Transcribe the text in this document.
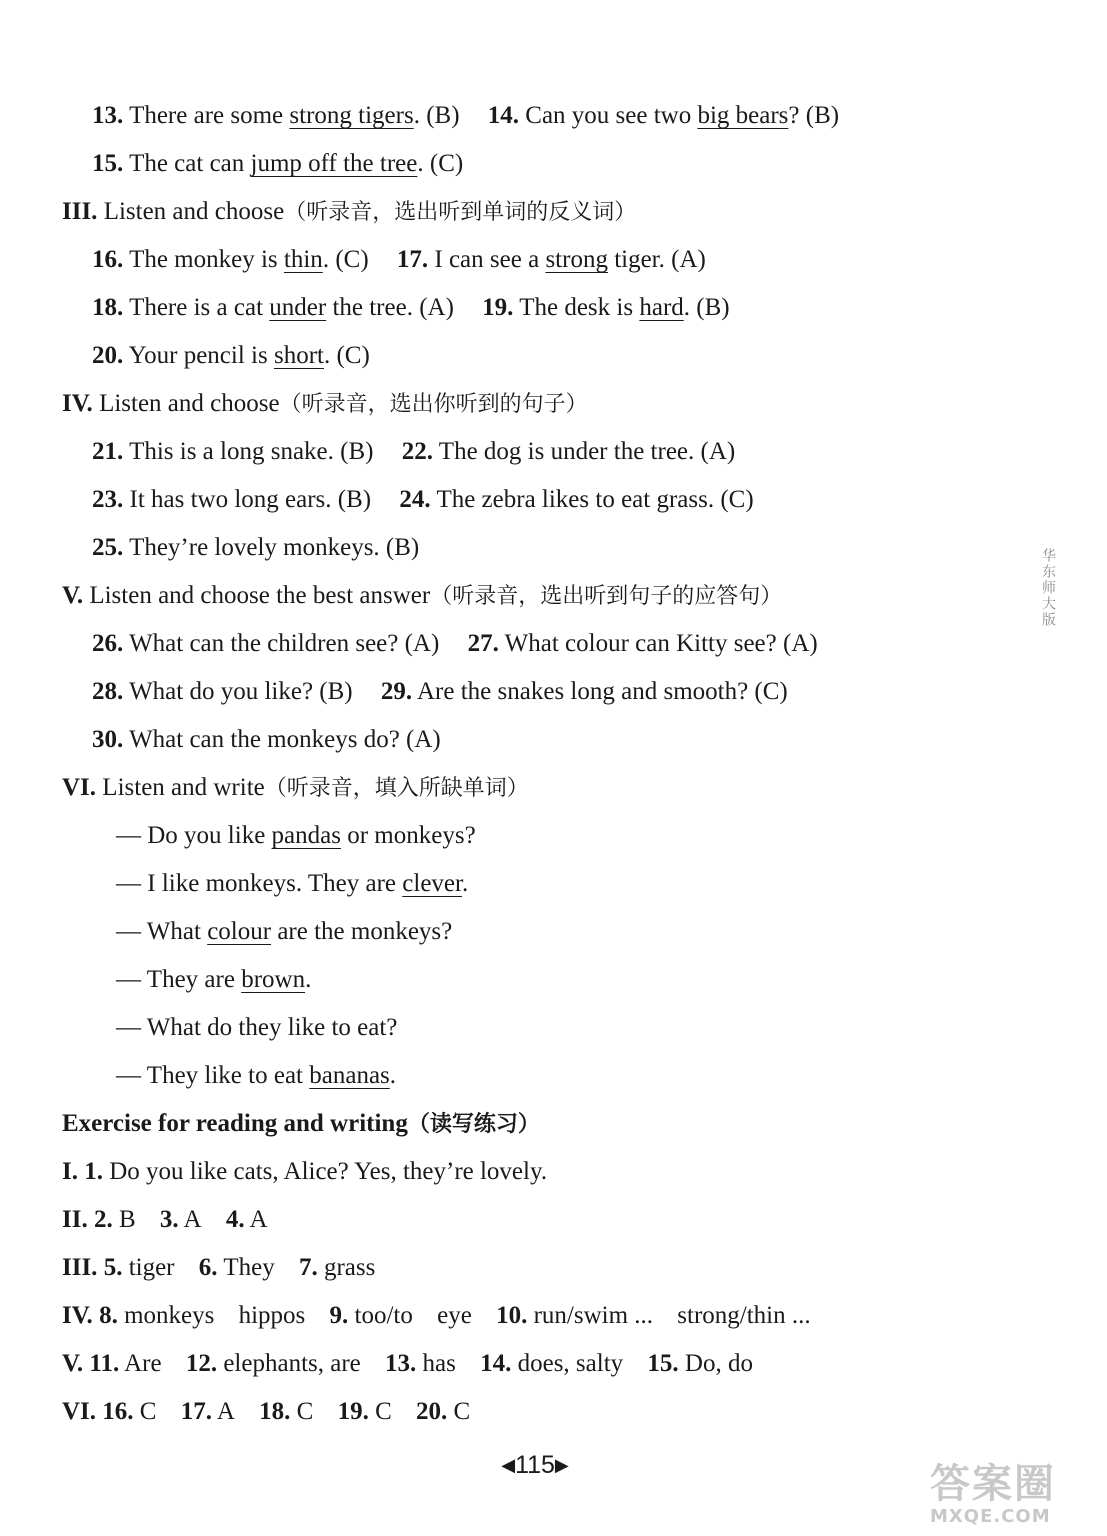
13. There are some strong tigers. (B) 14. Can you see two big bears? (B)
15. The cat can jump off the tree. (C)
III. Listen and choose（听录音，选出听到单词的反义词）
16. The monkey is thin. (C) 17. I can see a strong tiger. (A)
18. There is a cat under the tree. (A) 19. The desk is hard. (B)
20. Your pencil is short. (C)
IV. Listen and choose（听录音，选出你听到的句子）
21. This is a long snake. (B) 22. The dog is under the tree. (A)
23. It has two long ears. (B) 24. The zebra likes to eat grass. (C)
25. They’re lovely monkeys. (B)
V. Listen and choose the best answer（听录音，选出听到句子的应答句）
26. What can the children see? (A) 27. What colour can Kitty see? (A)
28. What do you like? (B) 29. Are the snakes long and smooth? (C)
30. What can the monkeys do? (A)
VI. Listen and write（听录音，填入所缺单词）
— Do you like pandas or monkeys?
— I like monkeys. They are clever.
— What colour are the monkeys?
— They are brown.
— What do they like to eat?
— They like to eat bananas.
Exercise for reading and writing（读写练习）
I. 1. Do you like cats, Alice? Yes, they’re lovely.
II. 2. B 3. A 4. A
III. 5. tiger 6. They 7. grass
IV. 8. monkeys hippos 9. too/to eye 10. run/swim ... strong/thin ...
V. 11. Are 12. elephants, are 13. has 14. does, salty 15. Do, do
VI. 16. C 17. A 18. C 19. C 20. C
华东师大版
◀115▶	答案圈
MXQE.COM
